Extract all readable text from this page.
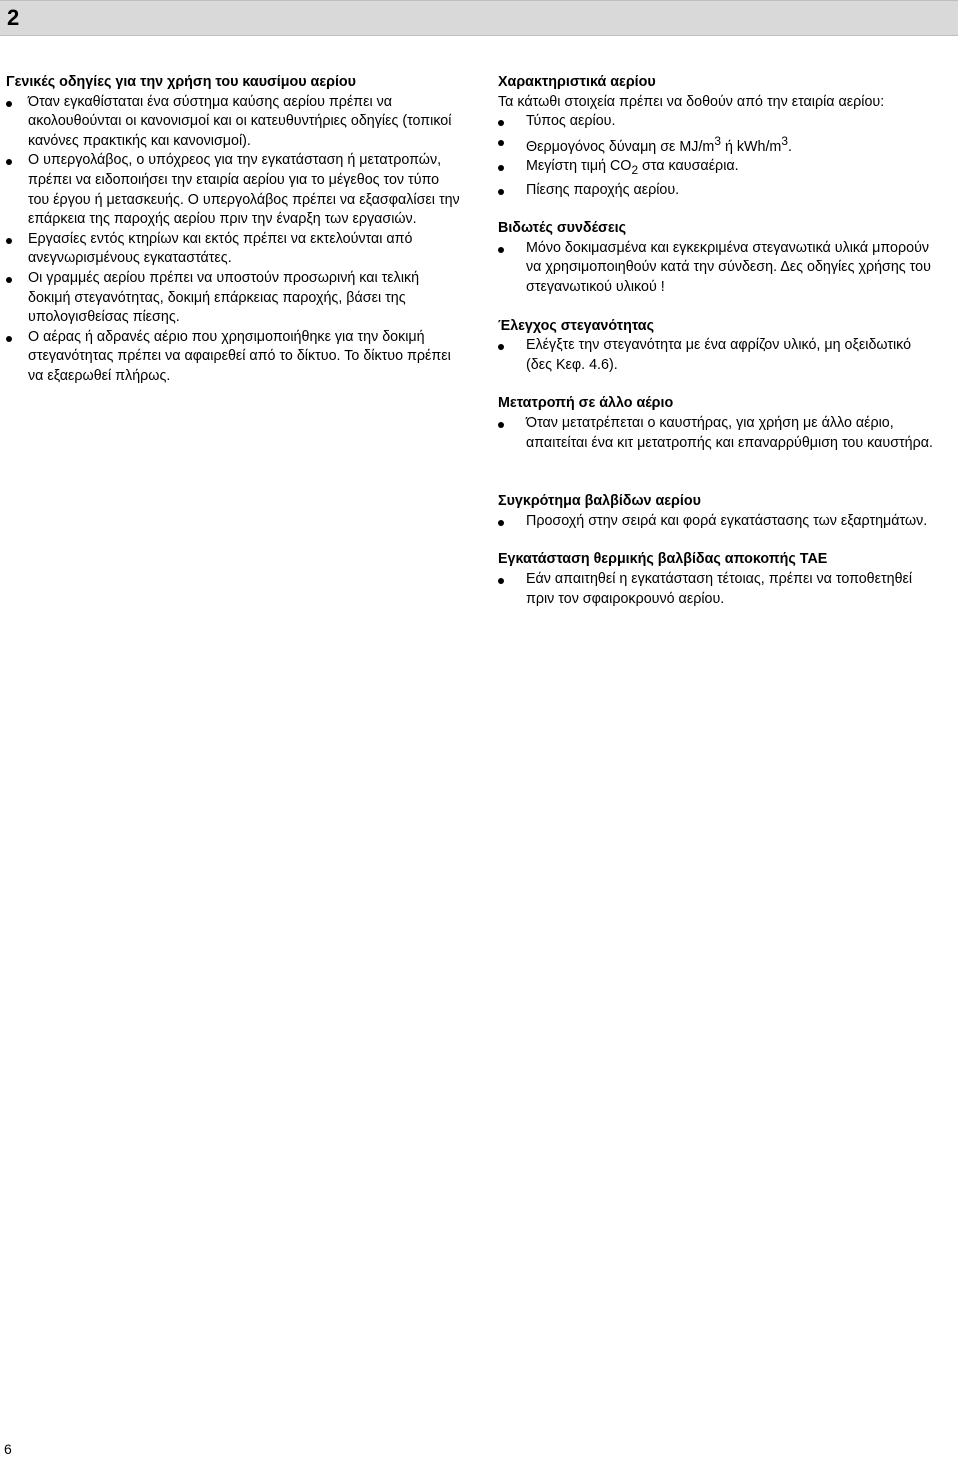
2

Γενικές οδηγίες για την χρήση του καυσίμου αερίου

Όταν εγκαθίσταται ένα σύστημα καύσης αερίου πρέπει να ακολουθούνται οι κανονισμοί και οι κατευθυντήριες οδηγίες (τοπικοί κανόνες πρακτικής και κανονισμοί).
Ο υπεργολάβος, ο υπόχρεος για την εγκατάσταση ή μετατροπών, πρέπει να ειδοποιήσει την εταιρία αερίου για το μέγεθος τον τύπο του έργου ή μετασκευής. Ο υπεργολάβος πρέπει να εξασφαλίσει την επάρκεια της παροχής αερίου πριν την έναρξη των εργασιών.
Εργασίες εντός κτηρίων και εκτός πρέπει να εκτελούνται από ανεγνωρισμένους εγκαταστάτες.
Οι γραμμές αερίου πρέπει να υποστούν προσωρινή και τελική δοκιμή στεγανότητας, δοκιμή επάρκειας παροχής, βάσει της υπολογισθείσας πίεσης.
Ο αέρας ή αδρανές αέριο που χρησιμοποιήθηκε για την δοκιμή στεγανότητας πρέπει να αφαιρεθεί από το δίκτυο. Το δίκτυο πρέπει να εξαερωθεί πλήρως.

Χαρακτηριστικά αερίου

Τα κάτωθι στοιχεία πρέπει να δοθούν από την εταιρία αερίου:

Τύπος αερίου.
Θερμογόνος δύναμη σε $MJ/m^3$ ή kWh/$m^3$.
Μεγίστη τιμή $CO_2$ στα καυσαέρια.
Πίεσης παροχής αερίου.

Βιδωτές συνδέσεις

Μόνο δοκιμασμένα και εγκεκριμένα στεγανωτικά υλικά μπορούν να χρησιμοποιηθούν κατά την σύνδεση. Δες οδηγίες χρήσης του στεγανωτικού υλικού !

Έλεγχος στεγανότητας

Ελέγξτε την στεγανότητα με ένα αφρίζον υλικό, μη οξειδωτικό (δες Κεφ. 4.6).

Μετατροπή σε άλλο αέριο

Όταν μετατρέπεται ο καυστήρας, για χρήση με άλλο αέριο, απαιτείται ένα κιτ μετατροπής και επαναρρύθμιση του καυστήρα.

Συγκρότημα βαλβίδων αερίου

Προσοχή στην σειρά και φορά εγκατάστασης των εξαρτημάτων.

Εγκατάσταση θερμικής βαλβίδας αποκοπής TAE

Εάν απαιτηθεί η εγκατάσταση τέτοιας, πρέπει να τοποθετηθεί πριν τον σφαιροκρουνό αερίου.
6
